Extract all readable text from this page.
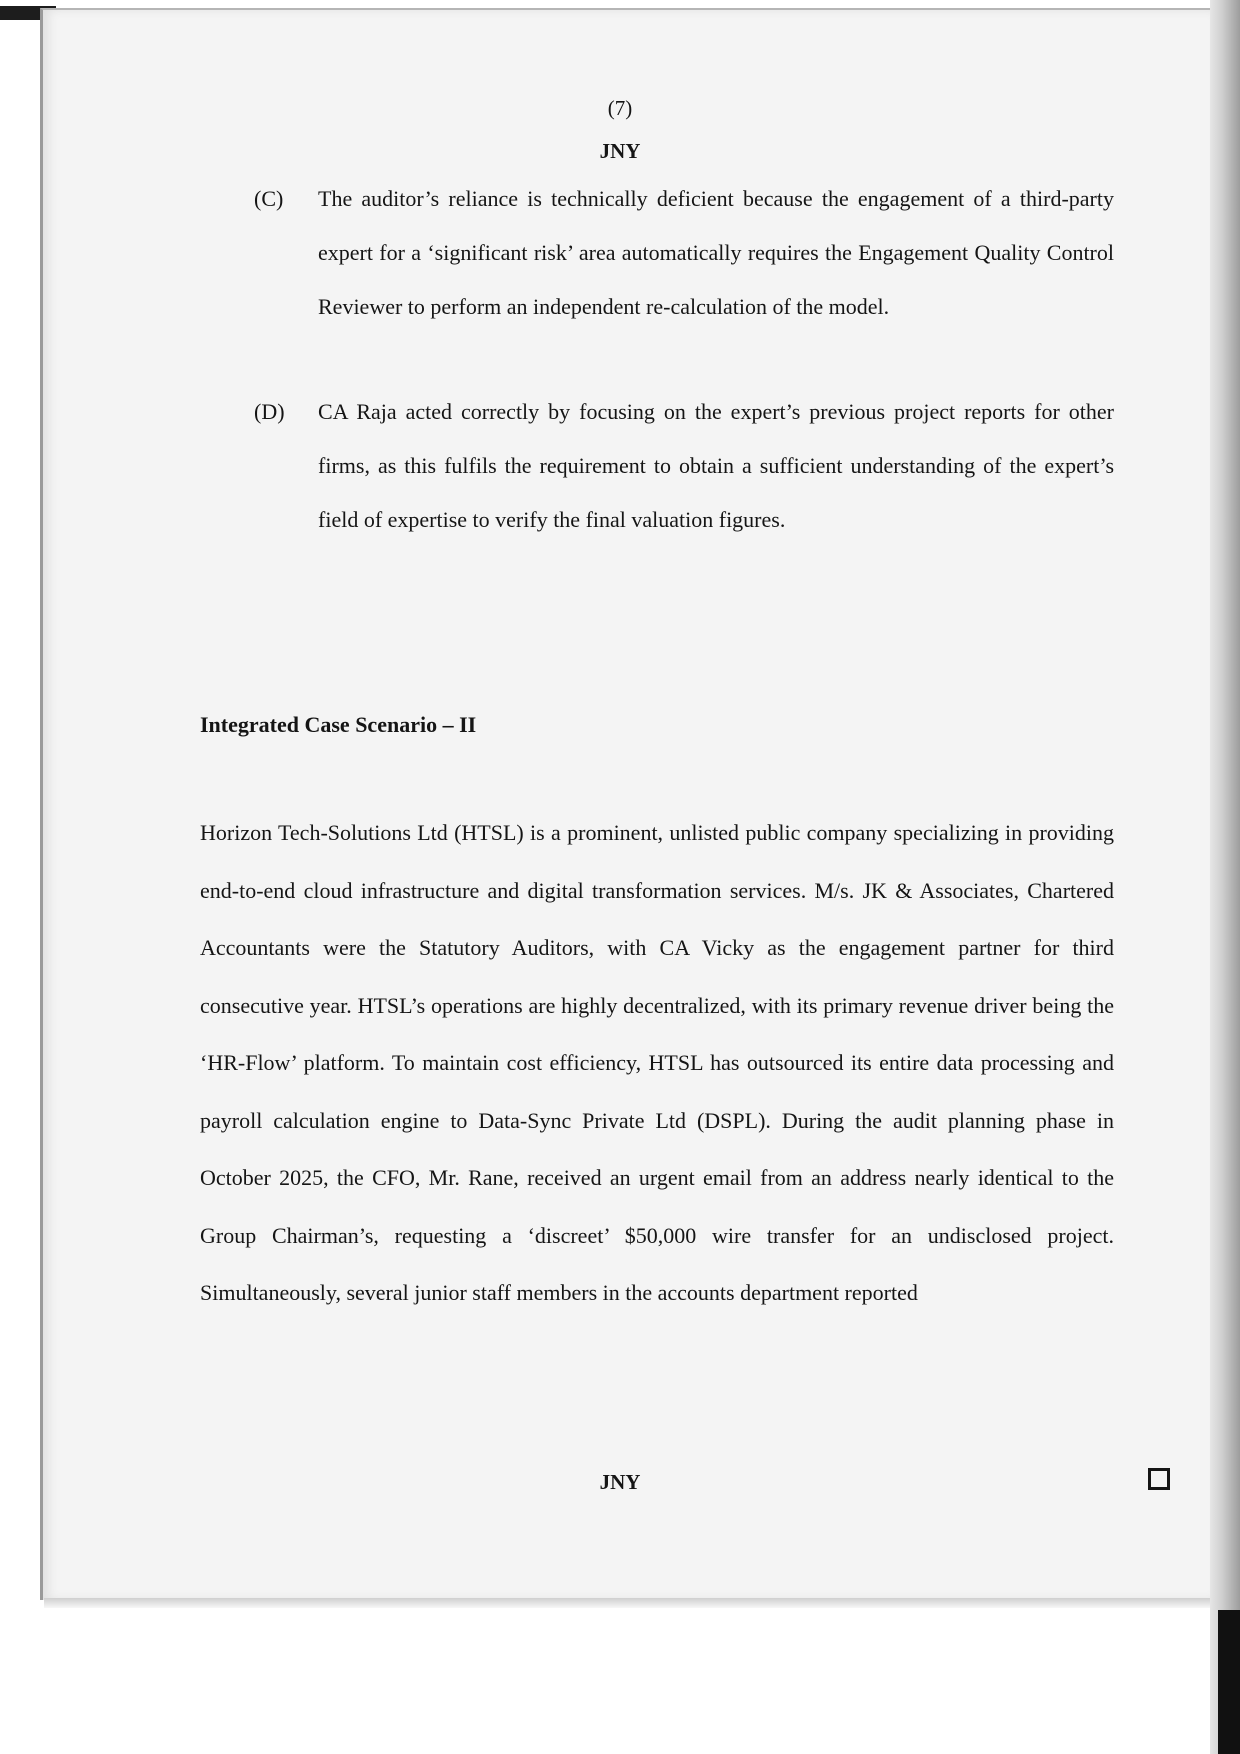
(7)
JNY
(C) The auditor’s reliance is technically deficient because the engagement of a third-party expert for a ‘significant risk’ area automatically requires the Engagement Quality Control Reviewer to perform an independent re-calculation of the model.
(D) CA Raja acted correctly by focusing on the expert’s previous project reports for other firms, as this fulfils the requirement to obtain a sufficient understanding of the expert’s field of expertise to verify the final valuation figures.
Integrated Case Scenario – II
Horizon Tech-Solutions Ltd (HTSL) is a prominent, unlisted public company specializing in providing end-to-end cloud infrastructure and digital transformation services. M/s. JK & Associates, Chartered Accountants were the Statutory Auditors, with CA Vicky as the engagement partner for third consecutive year. HTSL’s operations are highly decentralized, with its primary revenue driver being the ‘HR-Flow’ platform. To maintain cost efficiency, HTSL has outsourced its entire data processing and payroll calculation engine to Data-Sync Private Ltd (DSPL). During the audit planning phase in October 2025, the CFO, Mr. Rane, received an urgent email from an address nearly identical to the Group Chairman’s, requesting a ‘discreet’ $50,000 wire transfer for an undisclosed project. Simultaneously, several junior staff members in the accounts department reported
JNY
